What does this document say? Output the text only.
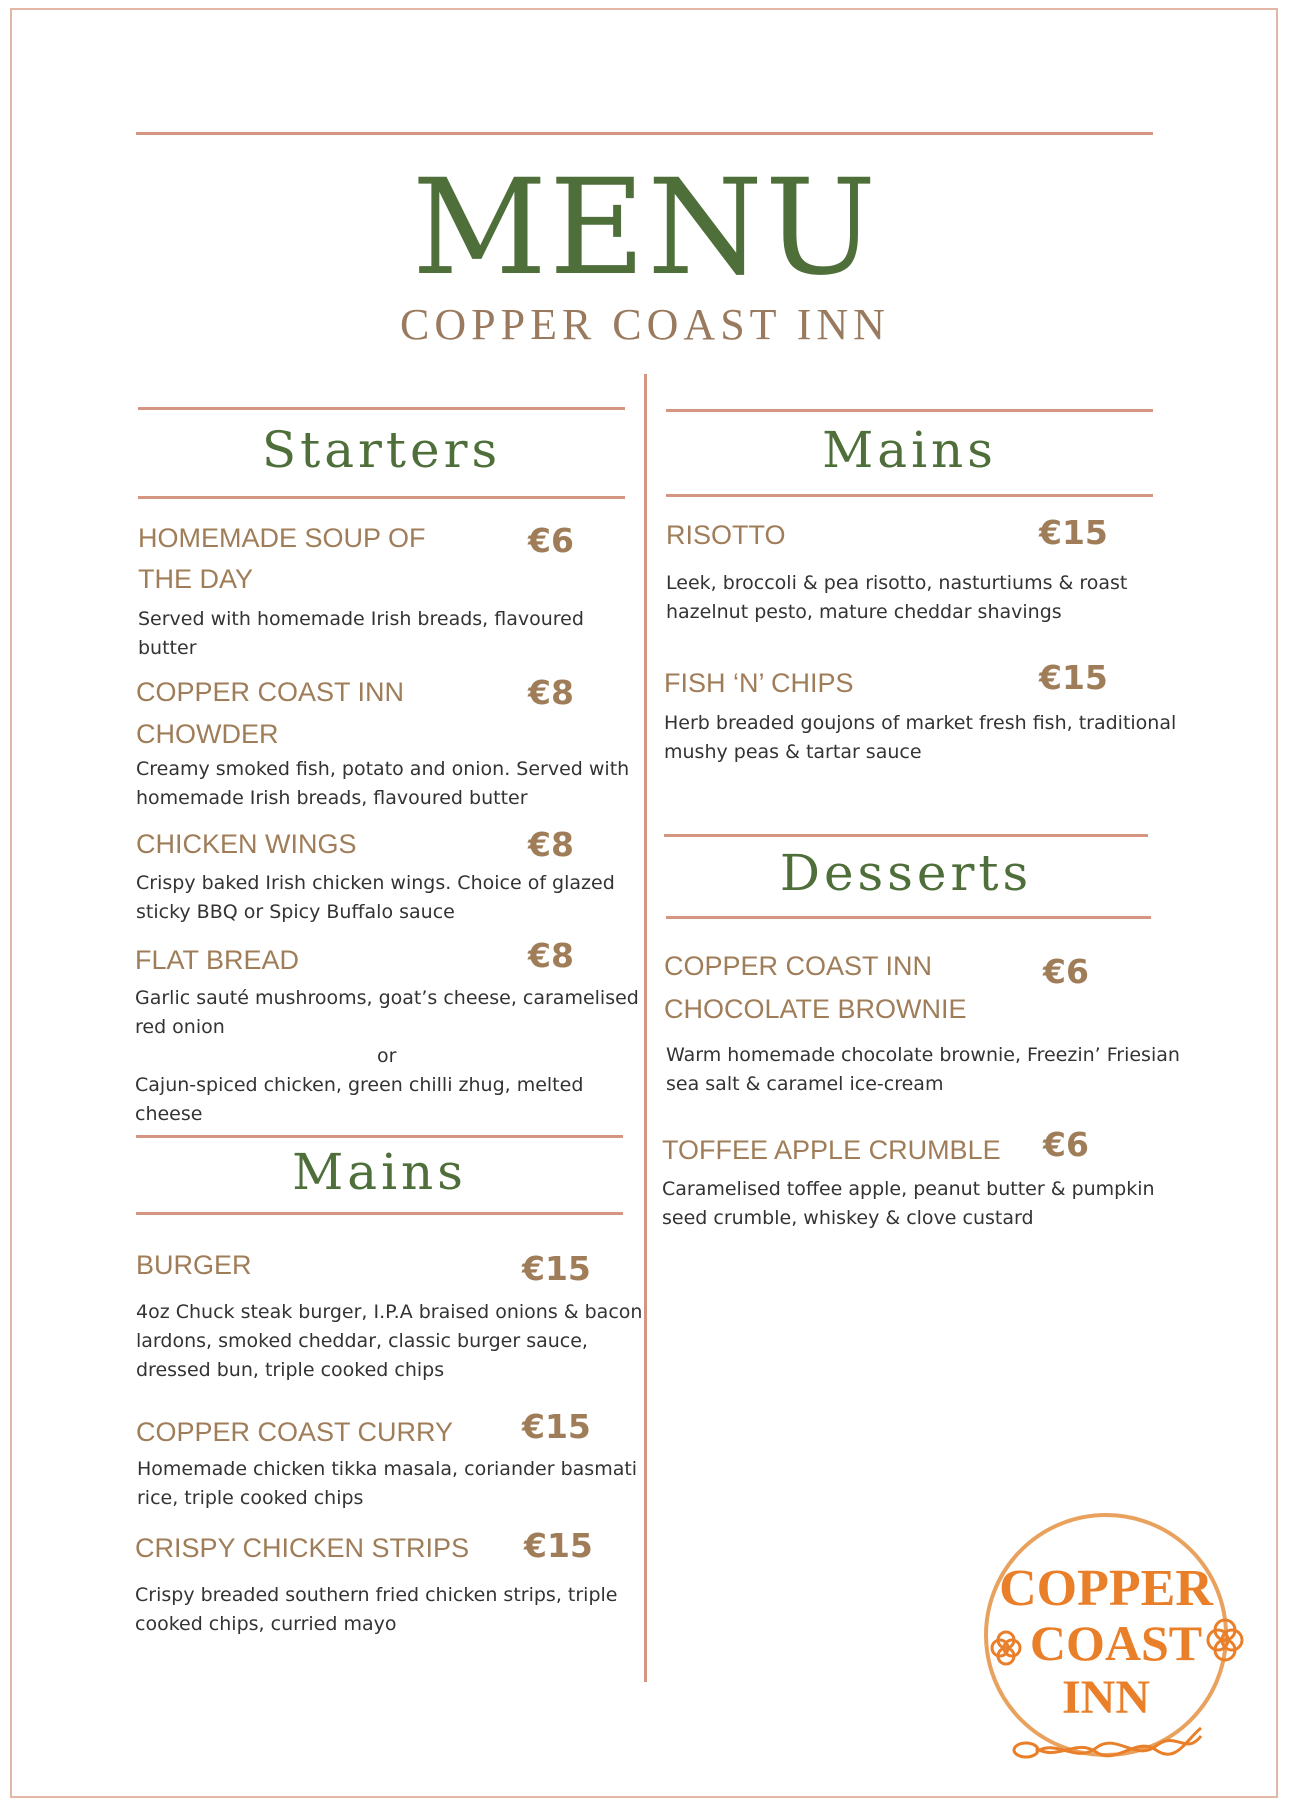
MENU
COPPER COAST INN
Starters
HOMEMADE SOUP OF
THE DAY
€6
Served with homemade Irish breads, flavoured
butter
COPPER COAST INN
CHOWDER
€8
Creamy smoked fish, potato and onion. Served with
homemade Irish breads, flavoured butter
CHICKEN WINGS	€8
Crispy baked Irish chicken wings. Choice of glazed
sticky BBQ or Spicy Buffalo sauce
FLAT BREAD	€8
Garlic sauté mushrooms, goat’s cheese, caramelised
red onion
or
Cajun-spiced chicken, green chilli zhug, melted
cheese
Mains
BURGER	€15
4oz Chuck steak burger, I.P.A braised onions & bacon
lardons, smoked cheddar, classic burger sauce,
dressed bun, triple cooked chips
COPPER COAST CURRY €15
Homemade chicken tikka masala, coriander basmati
rice, triple cooked chips
CRISPY CHICKEN STRIPS €15
Crispy breaded southern fried chicken strips, triple
cooked chips, curried mayo
Mains
RISOTTO	€15
Leek, broccoli & pea risotto, nasturtiums & roast
hazelnut pesto, mature cheddar shavings
FISH ‘N’ CHIPS	€15
Herb breaded goujons of market fresh fish, traditional
mushy peas & tartar sauce
Desserts
COPPER COAST INN
CHOCOLATE BROWNIE
€6
Warm homemade chocolate brownie, Freezin’ Friesian
sea salt & caramel ice-cream
TOFFEE APPLE CRUMBLE €6
Caramelised toffee apple, peanut butter & pumpkin
seed crumble, whiskey & clove custard
COPPER
COAST
INN
